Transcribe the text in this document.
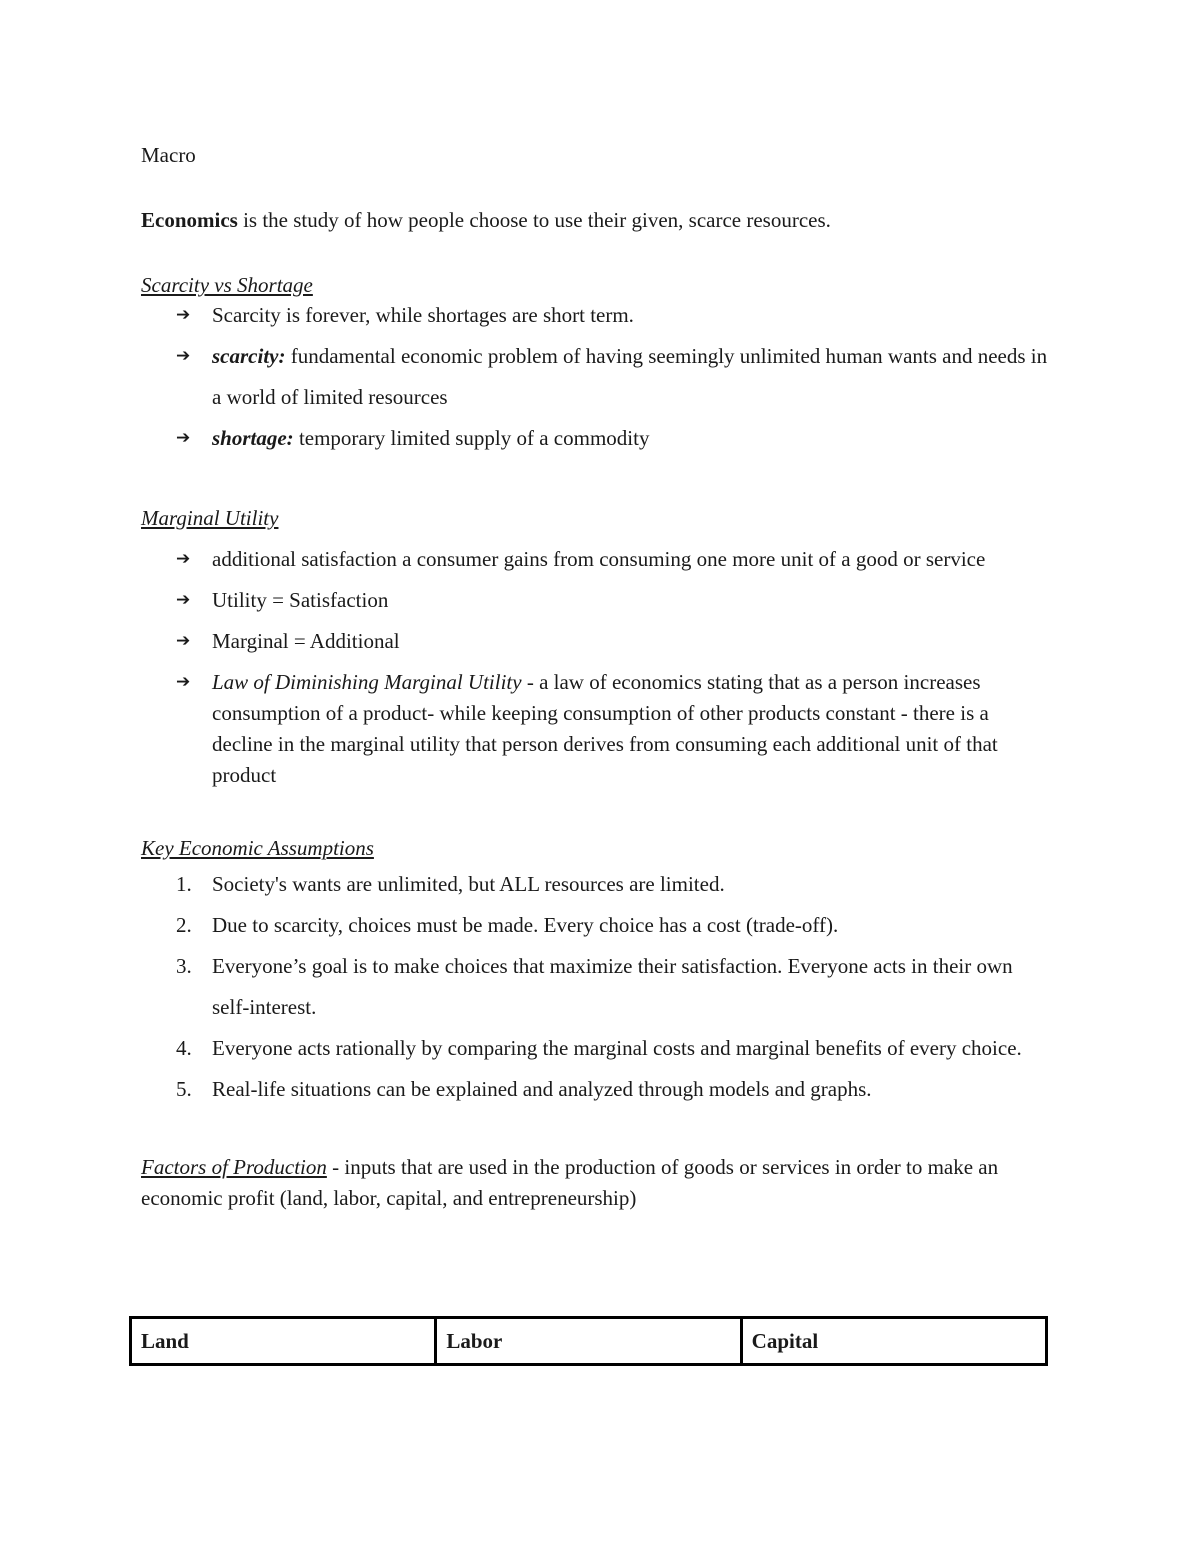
Macro

Economics is the study of how people choose to use their given, scarce resources.

Scarcity vs Shortage

➔ Scarcity is forever, while shortages are short term.
➔ scarcity: fundamental economic problem of having seemingly unlimited human wants and needs in a world of limited resources
➔ shortage: temporary limited supply of a commodity

Marginal Utility

➔ additional satisfaction a consumer gains from consuming one more unit of a good or service
➔ Utility = Satisfaction
➔ Marginal = Additional
➔ Law of Diminishing Marginal Utility - a law of economics stating that as a person increases consumption of a product- while keeping consumption of other products constant - there is a decline in the marginal utility that person derives from consuming each additional unit of that product

Key Economic Assumptions

1. Society's wants are unlimited, but ALL resources are limited.
2. Due to scarcity, choices must be made. Every choice has a cost (trade-off).
3. Everyone’s goal is to make choices that maximize their satisfaction. Everyone acts in their own self-interest.
4. Everyone acts rationally by comparing the marginal costs and marginal benefits of every choice.
5. Real-life situations can be explained and analyzed through models and graphs.

Factors of Production - inputs that are used in the production of goods or services in order to make an economic profit (land, labor, capital, and entrepreneurship)

Land	Labor	Capital
